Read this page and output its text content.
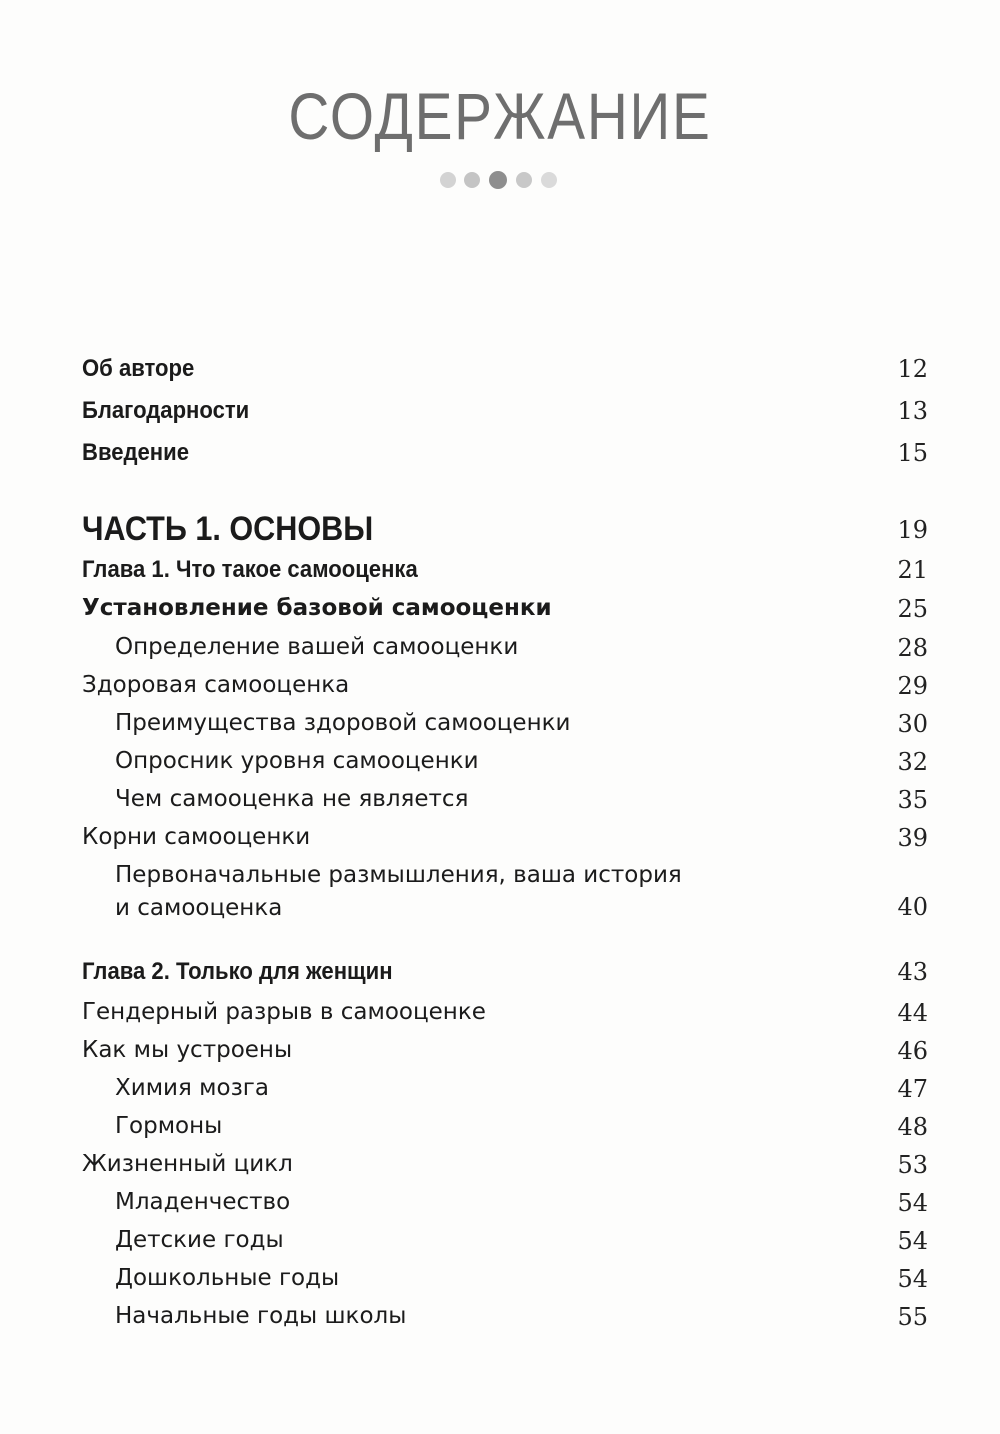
СОДЕРЖАНИЕ
Об авторе	12
Благодарности	13
Введение	15
ЧАСТЬ 1. ОСНОВЫ	19
Глава 1. Что такое самооценка	21
Установление базовой самооценки	25
Определение вашей самооценки	28
Здоровая самооценка	29
Преимущества здоровой самооценки	30
Опросник уровня самооценки	32
Чем самооценка не является	35
Корни самооценки	39
Первоначальные размышления, ваша история
и самооценка	40
Глава 2. Только для женщин	43
Гендерный разрыв в самооценке	44
Как мы устроены	46
Химия мозга	47
Гормоны	48
Жизненный цикл	53
Младенчество	54
Детские годы	54
Дошкольные годы	54
Начальные годы школы	55
